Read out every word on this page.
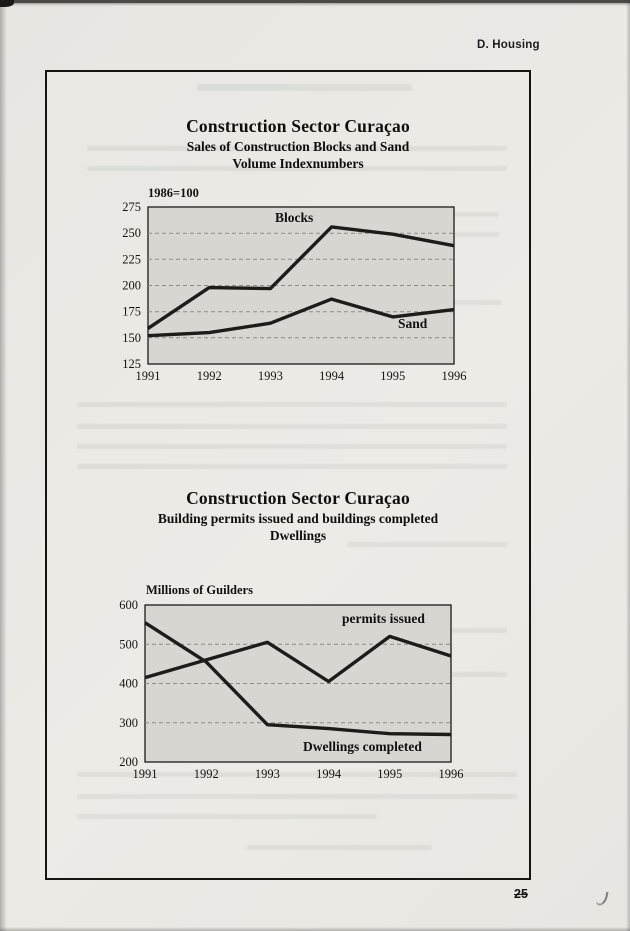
D. Housing
Construction Sector Curaçao
Sales of Construction Blocks and Sand
Volume Indexnumbers
1986=100
125
150
175
200
225
250
275
1991	1992	1993	1994	1995	1996
Blocks
Sand
Construction Sector Curaçao
Building permits issued and buildings completed
Dwellings
Millions of Guilders
200
300
400
500
600
1991	1992	1993	1994	1995	1996
permits issued
Dwellings completed
25
